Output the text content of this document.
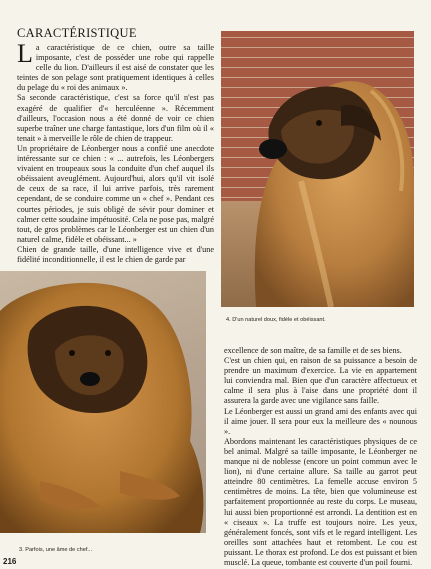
CARACTÉRISTIQUE

La caractéristique de ce chien, outre sa taille imposante, c'est de posséder une robe qui rappelle celle du lion. D'ailleurs il est aisé de constater que les teintes de son pelage sont pratiquement identiques à celles du pelage du « roi des animaux ».

Sa seconde caractéristique, c'est sa force qu'il n'est pas exagéré de qualifier d'« herculéenne ». Récemment d'ailleurs, l'occasion nous a été donné de voir ce chien superbe traîner une charge fantastique, lors d'un film où il « tenait » à merveille le rôle de chien de trappeur.

Un propriétaire de Léonberger nous a confié une anecdote intéressante sur ce chien : « ... autrefois, les Léonbergers vivaient en troupeaux sous la conduite d'un chef auquel ils obéissaient aveuglément. Aujourd'hui, alors qu'il vit isolé de ceux de sa race, il lui arrive parfois, très rarement cependant, de se conduire comme un « chef ». Pendant ces courtes périodes, je suis obligé de sévir pour dominer et calmer cette soudaine impétuosité. Cela ne pose pas, malgré tout, de gros problèmes car le Léonberger est un chien d'un naturel calme, fidèle et obéissant... »

Chien de grande taille, d'une intelligence vive et d'une fidélité inconditionnelle, il est le chien de garde par

4. D'un naturel doux, fidèle et obéissant.
3. Parfois, une âme de chef...

excellence de son maître, de sa famille et de ses biens.

C'est un chien qui, en raison de sa puissance a besoin de prendre un maximum d'exercice. La vie en appartement lui conviendra mal. Bien que d'un caractère affectueux et calme il sera plus à l'aise dans une propriété dont il assurera la garde avec une vigilance sans faille.

Le Léonberger est aussi un grand ami des enfants avec qui il aime jouer. Il sera pour eux la meilleure des « nounous ».

Abordons maintenant les caractéristiques physiques de ce bel animal. Malgré sa taille imposante, le Léonberger ne manque ni de noblesse (encore un point commun avec le lion), ni d'une certaine allure. Sa taille au garrot peut atteindre 80 centimètres. La femelle accuse environ 5 centimètres de moins. La tête, bien que volumineuse est parfaitement proportionnée au reste du corps. Le museau, lui aussi bien proportionné est arrondi. La dentition est en « ciseaux ». La truffe est toujours noire. Les yeux, généralement foncés, sont vifs et le regard intelligent. Les oreilles sont attachées haut et retombent. Le cou est puissant. Le thorax est profond. Le dos est puissant et bien musclé. La queue, tombante est couverte d'un poil fourni.

216
